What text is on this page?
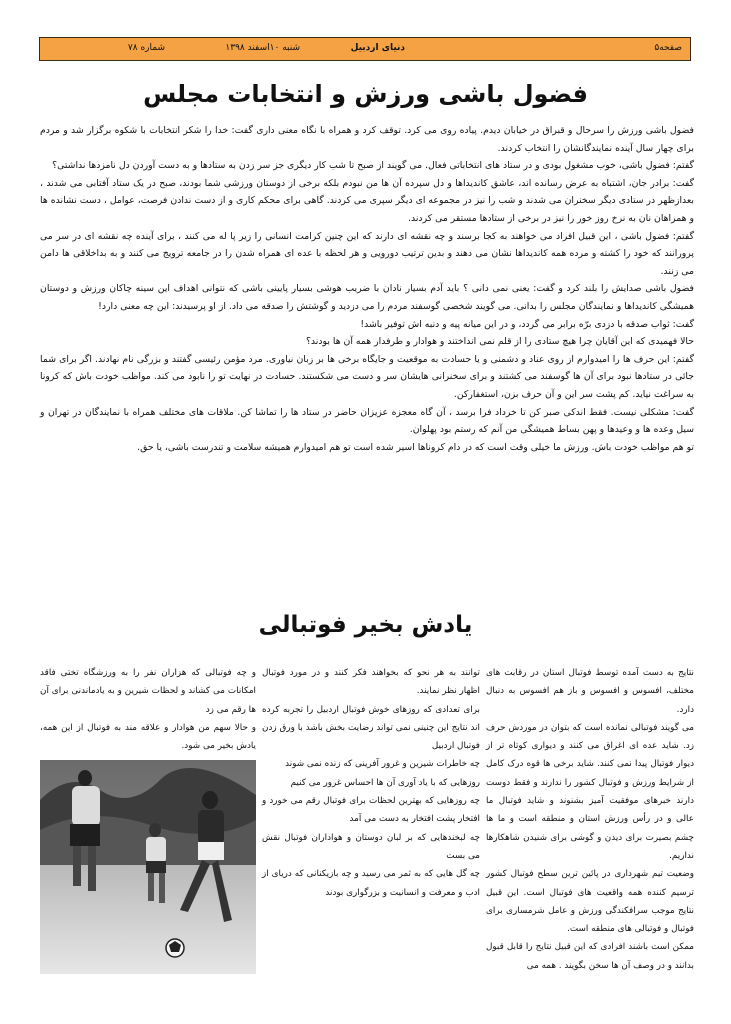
صفحه۵
دنیای اردبیل
شنبه ۱۰اسفند ۱۳۹۸
شماره ۷۸
فضول باشی ورزش و انتخابات مجلس

فضول باشی ورزش را سرحال و قبراق در خیابان دیدم. پیاده روی می کرد. توقف کرد و همراه با نگاه معنی داری گفت: خدا را شکر انتخابات با شکوه برگزار شد و مردم برای چهار سال آینده نمایندگانشان را انتخاب کردند.

گفتم: فضول باشی، خوب مشغول بودی و در ستاد های انتخاباتی فعال. می گویند از صبح تا شب کار دیگری جز سر زدن به ستادها و به دست آوردن دل نامزدها نداشتی؟

گفت: برادر جان، اشتباه به عرض رسانده اند، عاشق کاندیداها و دل سپرده آن ها من نبودم بلکه برخی از دوستان ورزشی شما بودند، صبح در یک ستاد آفتابی می شدند ، بعدازظهر در ستادی دیگر سخنران می شدند و شب را نیز در مجموعه ای دیگر سپری می کردند. گاهی برای محکم کاری و از دست ندادن فرصت، عوامل ، دست نشانده ها و همراهان نان به نرخ روز خور را نیز در برخی از ستادها مستقر می کردند.

گفتم: فضول باشی ، این قبیل افراد می خواهند به کجا برسند و چه نقشه ای دارند که این چنین کرامت انسانی را زیر پا له می کنند ، برای آینده چه نقشه ای در سر می پرورانند که خود را کشته و مرده همه کاندیداها نشان می دهند و بدین ترتیب دورویی و هر لحظه با عده ای همراه شدن را در جامعه ترویج می کنند و به بداخلاقی ها دامن می زنند.

فضول باشی صدایش را بلند کرد و گفت: یعنی نمی دانی ؟ باید آدم بسیار نادان با ضریب هوشی بسیار پایینی باشی که نتوانی اهداف این سینه چاکان ورزش و دوستان همیشگی کاندیداها و نمایندگان مجلس را بدانی. می گویند شخصی گوسفند مردم را می دزدید و گوشتش را صدقه می داد. از او پرسیدند: این چه معنی دارد!

گفت: ثواب صدقه با دزدی برّه برابر می گردد، و در این میانه پیه و دنبه اش توفیر باشد!

حالا فهمیدی که این آقایان چرا هیچ ستادی را از قلم نمی انداختند و هوادار و طرفدار همه آن ها بودند؟

گفتم: این حرف ها را امیدوارم از روی عناد و دشمنی و یا حسادت به موقعیت و جایگاه برخی ها بر زبان نیاوری. مرد مؤمن رئیسی گفتند و بزرگی نام نهادند. اگر برای شما جائی در ستادها نبود برای آن ها گوسفند می کشتند و برای سخنرانی هایشان سر و دست می شکستند. حسادت در نهایت تو را نابود می کند. مواظب خودت باش که کرونا به سراغت نیاید. کم پشت سر این و آن حرف بزن، استغفارکن.

گفت: مشکلی نیست. فقط اندکی صبر کن تا خرداد فرا برسد ، آن گاه معجزه عزیزان حاضر در ستاد ها را تماشا کن. ملاقات های مختلف همراه با نمایندگان در تهران و سیل وعده ها و وعیدها و پهن بساط همیشگی من آنم که رستم بود پهلوان.

تو هم مواظب خودت باش. ورزش ما خیلی وقت است که در دام کروناها اسیر شده است تو هم امیدوارم همیشه سلامت و تندرست باشی، یا حق.

یادش بخیر فوتبالی

نتایج به دست آمده توسط فوتبال استان در رقابت های مختلف، افسوس و افسوس و باز هم افسوس به دنبال دارد.

می گویند فوتبالی نمانده است که بتوان در موردش حرف زد. شاید عده ای اغراق می کنند و دیواری کوتاه تر از دیوار فوتبال پیدا نمی کنند. شاید برخی ها قوه درک کامل از شرایط ورزش و فوتبال کشور را ندارند و فقط دوست دارند خبرهای موفقیت آمیز بشنوند و شاید فوتبال ما عالی و در رأس ورزش استان و منطقه است و ما ها چشم بصیرت برای دیدن و گوشی برای شنیدن شاهکارها نداریم.

وضعیت تیم شهرداری در پائین ترین سطح فوتبال کشور ترسیم کننده همه واقعیت های فوتبال است. این قبیل نتایج موجب سرافکندگی ورزش و عامل شرمساری برای فوتبال و فوتبالی های منطقه است.

ممکن است باشند افرادی که این قبیل نتایج را قابل قبول بدانند و در وصف آن ها سخن بگویند . همه می

توانند به هر نحو که بخواهند فکر کنند و در مورد فوتبال اظهار نظر نمایند.

برای تعدادی که روزهای خوش فوتبال اردبیل را تجربه کرده اند نتایج این چنینی نمی تواند رضایت بخش باشد با ورق زدن فوتبال اردبیل

چه خاطرات شیرین و غرور آفرینی که زنده نمی شوند

روزهایی که با یاد آوری آن ها احساس غرور می کنیم

چه روزهایی که بهترین لحظات برای فوتبال رقم می خورد و افتخار پشت افتخار به دست می آمد

چه لبخندهایی که بر لبان دوستان و هواداران فوتبال نقش می بست

چه گل هایی که به ثمر می رسید و چه بازیکنانی که دریای از ادب و معرفت و انسانیت و بزرگواری بودند

و چه فوتبالی که هزاران نفر را به ورزشگاه تختی فاقد امکانات می کشاند و لحظات شیرین و به یادماندنی برای آن ها رقم می زد

و حالا سهم من هوادار و علاقه مند به فوتبال از این همه، یادش بخیر می شود.
